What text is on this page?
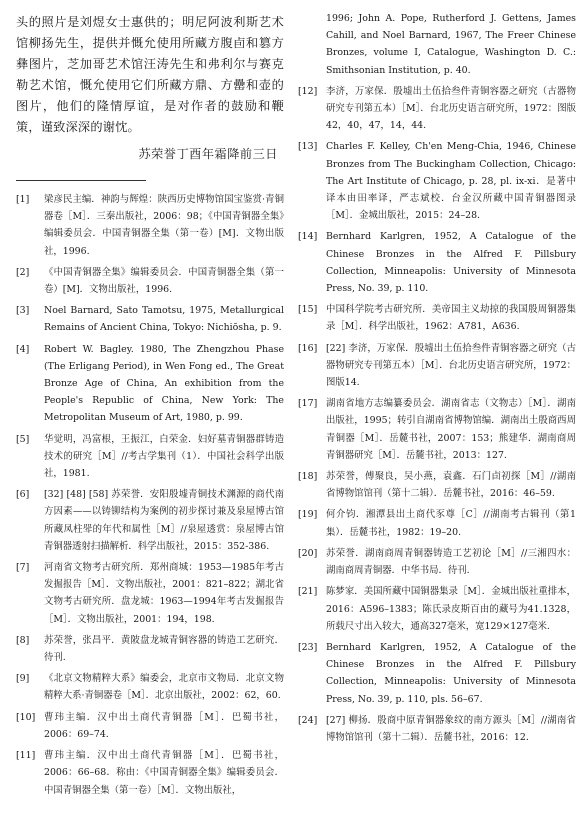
头的照片是刘煜女士惠供的；明尼阿波利斯艺术馆柳扬先生，提供并慨允使用所藏方腹卣和篡方彝图片，芝加哥艺术馆汪涛先生和弗利尔与赛克勒艺术馆，慨允使用它们所藏方鼎、方罍和壶的图片，他们的隆情厚谊，是对作者的鼓励和鞭策，谨致深深的谢忱。

苏荣誉丁酉年霜降前三日
[1]	梁彦民主编．神韵与辉煌：陕西历史博物馆国宝鉴赏·青铜器卷［M］．三秦出版社，2006：98；《中国青铜器全集》编辑委员会．中国青铜器全集（第一卷）[M]．文物出版社，1996.
[2]	《中国青铜器全集》编辑委员会．中国青铜器全集（第一卷）[M]．文物出版社，1996.
[3]	Noel Barnard, Sato Tamotsu, 1975, Metallurgical Remains of Ancient China, Tokyo: Nichiōsha, p. 9.
[4]	Robert W. Bagley. 1980, The Zhengzhou Phase (The Erligang Period), in Wen Fong ed., The Great Bronze Age of China, An exhibition from the People's Republic of China, New York: The Metropolitan Museum of Art, 1980, p. 99.
[5]	华觉明，冯富根，王振江，白荣金．妇好墓青铜器群铸造技术的研究［M］//考古学集刊（1）．中国社会科学出版社，1981.
[6]	[32] [48] [58] 苏荣誉．安阳殷墟青铜技术渊源的商代南方因素——以铸铆结构为案例的初步探讨兼及泉屋博古馆所藏凤柱斝的年代和属性［M］//泉屋透赏：泉屋博古馆青铜器透射扫描解析．科学出版社，2015：352-386.
[7]	河南省文物考古研究所．郑州商城：1953—1985年考古发掘报告［M］．文物出版社，2001：821–822；湖北省文物考古研究所．盘龙城：1963—1994年考古发掘报告［M］．文物出版社，2001：194，198.
[8]	苏荣誉，张昌平．黄陂盘龙城青铜容器的铸造工艺研究．待刊.
[9]	《北京文物精粹大系》编委会，北京市文物局．北京文物精粹大系·青铜器卷［M］．北京出版社，2002：62，60.
[10] 曹玮主编．汉中出土商代青铜器［M］．巴蜀书社，2006：69–74.
[11] 曹玮主编．汉中出土商代青铜器［M］．巴蜀书社，2006：66–68．称由：《中国青铜器全集》编辑委员会．中国青铜器全集（第一卷）［M］．文物出版社，
1996; John A. Pope, Rutherford J. Gettens, James Cahill, and Noel Barnard, 1967, The Freer Chinese Bronzes, volume I, Catalogue, Washington D. C.: Smithsonian Institution, p. 40.
[12] 李济，万家保．殷墟出土伍拾叁件青铜容器之研究（古器物研究专刊第五本）［M］．台北历史语言研究所，1972：图版42，40，47，14，44.
[13] Charles F. Kelley, Ch'en Meng-Chia, 1946, Chinese Bronzes from The Buckingham Collection, Chicago: The Art Institute of Chicago, p. 28, pl. ix-xi．是著中译本由田率译，严志斌校．台金汉所藏中国青铜器图录［M］．金城出版社，2015：24–28.
[14] Bernhard Karlgren, 1952, A Catalogue of the Chinese Bronzes in the Alfred F. Pillsbury Collection, Minneapolis: University of Minnesota Press, No. 39, p. 110.
[15] 中国科学院考古研究所．美帝国主义劫掠的我国殷周铜器集录［M］．科学出版社，1962：A781，A636.
[16] [22] 李济，万家保．殷墟出土伍拾叁件青铜容器之研究（古器物研究专刊第五本）［M］．台北历史语言研究所，1972：图版14.
[17] 湖南省地方志编纂委员会．湖南省志（文物志）［M］．湖南出版社，1995；转引自湖南省博物馆编．湖南出土殷商西周青铜器［M］．岳麓书社，2007：153；熊建华．湖南商周青铜器研究［M］．岳麓书社，2013：127.
[18] 苏荣誉，傅聚良，吴小燕，袁鑫．石门卣初探［M］//湖南省博物馆馆刊（第十二辑）．岳麓书社，2016：46–59.
[19] 何介钧．湘潭县出土商代豕尊［C］//湖南考古辑刊（第1集）．岳麓书社，1982：19–20.
[20] 苏荣誉．湖南商周青铜器铸造工艺初论［M］//三湘四水：湖南商周青铜器．中华书局．待刊.
[21] 陈梦家．美国所藏中国铜器集录［M］．金城出版社重排本，2016：A596–1383；陈氏录皮斯百由的藏号为41.1328，所载尺寸出入较大，通高327毫米，宽129×127毫米.
[23] Bernhard Karlgren, 1952, A Catalogue of the Chinese Bronzes in the Alfred F. Pillsbury Collection, Minneapolis: University of Minnesota Press, No. 39, p. 110, pls. 56–67.
[24] [27] 柳扬．殷商中原青铜器象纹的南方源头［M］//湖南省博物馆馆刊（第十二辑）．岳麓书社，2016：12.
